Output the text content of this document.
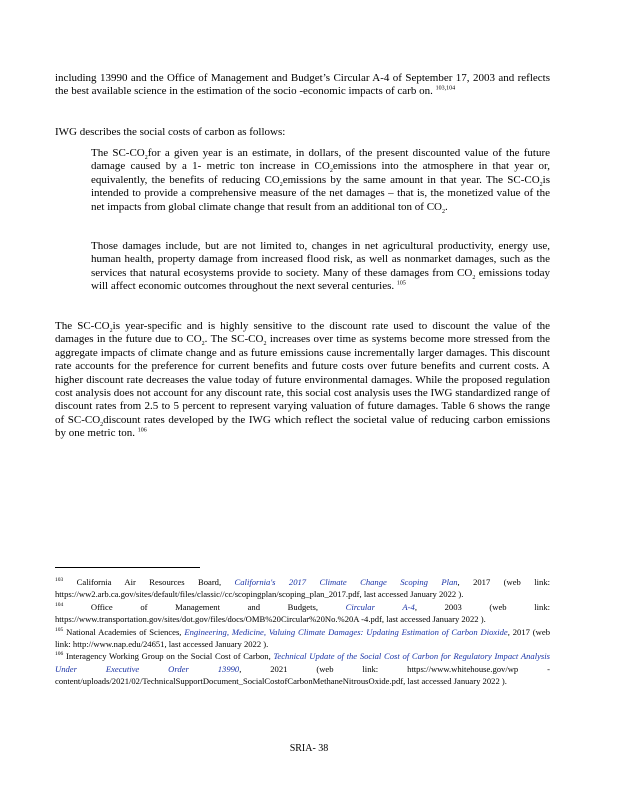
including 13990 and the Office of Management and Budget’s Circular A-4 of September 17, 2003 and reflects the best available science in the estimation of the socio -economic impacts of carb on. $^{103,104}$

IWG describes the social costs of carbon as follows:

The $SC-CO_2for$ a given year is an estimate, in dollars, of the present discounted value of the future damage caused by a 1- metric ton increase in $CO_2emissions$ into the atmosphere in that year or, equivalently, the benefits of reducing $CO_2emissions$ by the same amount in that year. The $SC-CO_2is$ intended to provide a comprehensive measure of the net damages – that is, the monetized value of the net impacts from global climate change that result from an additional ton of $CO_2$.

Those damages include, but are not limited to, changes in net agricultural productivity, energy use, human health, property damage from increased flood risk, as well as nonmarket damages, such as the services that natural ecosystems provide to society. Many of these damages from $CO_2$ emissions today will affect economic outcomes throughout the next several centuries. $^{105}$

The $SC-CO_2is$ year-specific and is highly sensitive to the discount rate used to discount the value of the damages in the future due to $CO_2$. The $SC-CO_2$ increases over time as systems become more stressed from the aggregate impacts of climate change and as future emissions cause incrementally larger damages. This discount rate accounts for the preference for current benefits and future costs over future benefits and current costs. A higher discount rate decreases the value today of future environmental damages. While the proposed regulation cost analysis does not account for any discount rate, this social cost analysis uses the IWG standardized range of discount rates from 2.5 to 5 percent to represent varying valuation of future damages. Table 6 shows the range of $SC-CO_2discount$ rates developed by the IWG which reflect the societal value of reducing carbon emissions by one metric ton. $^{106}$

$^{103}$ California Air Resources Board, California's 2017 Climate Change Scoping Plan, 2017 (web link: https://ww2.arb.ca.gov/sites/default/files/classic//cc/scopingplan/scoping_plan_2017.pdf, last accessed January 2022 ).

$^{104}$	Office of Management and Budgets, Circular A-4, 2003 (web link: https://www.transportation.gov/sites/dot.gov/files/docs/OMB%20Circular%20No.%20A -4.pdf, last accessed January 2022 ).

$^{105}$ National Academies of Sciences, Engineering, Medicine, Valuing Climate Damages: Updating Estimation of Carbon Dioxide, 2017 (web link: http://www.nap.edu/24651, last accessed January 2022 ).

$^{106}$ Interagency Working Group on the Social Cost of Carbon, Technical Update of the Social Cost of Carbon for Regulatory Impact Analysis Under Executive Order 13990, 2021 (web link: https://www.whitehouse.gov/wp - content/uploads/2021/02/TechnicalSupportDocument_SocialCostofCarbonMethaneNitrousOxide.pdf, last accessed January 2022 ).

SRIA- 38
